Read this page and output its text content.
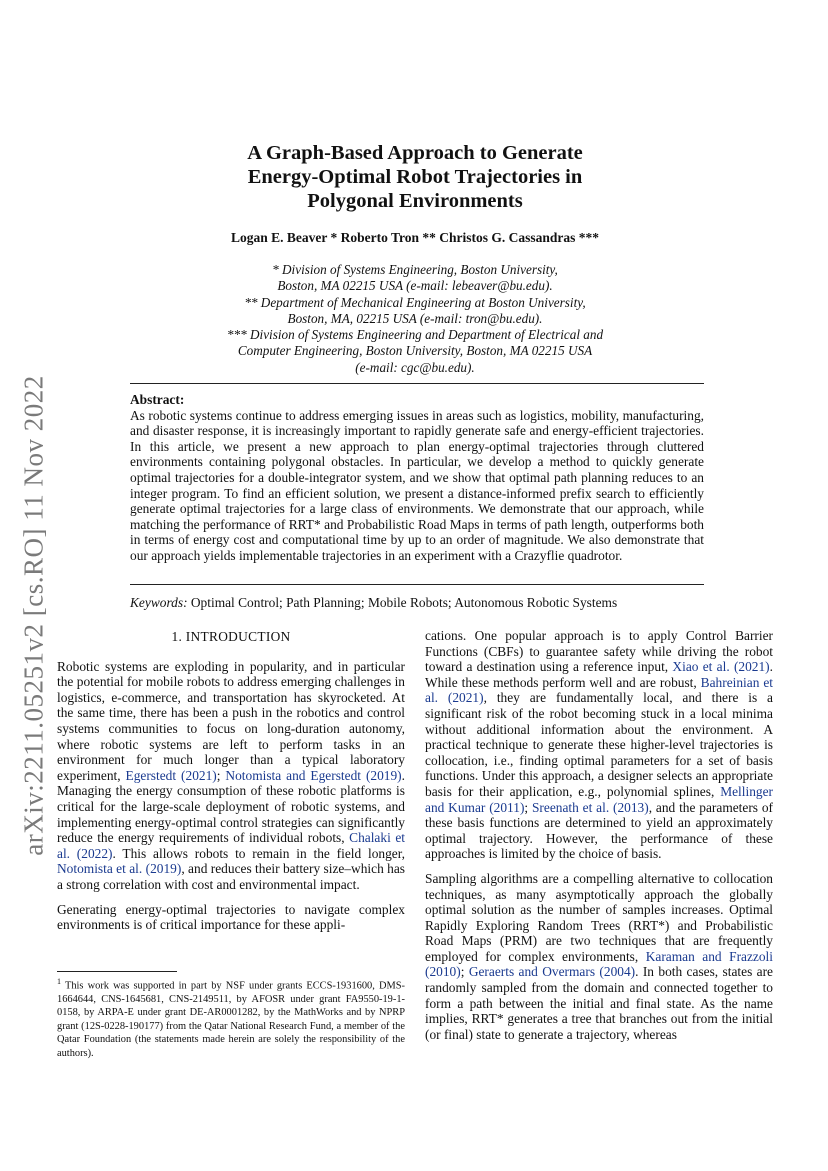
arXiv:2211.05251v2 [cs.RO] 11 Nov 2022
A Graph-Based Approach to Generate
Energy-Optimal Robot Trajectories in
Polygonal Environments
Logan E. Beaver * Roberto Tron ** Christos G. Cassandras ***
* Division of Systems Engineering, Boston University,
Boston, MA 02215 USA (e-mail: lebeaver@bu.edu).
** Department of Mechanical Engineering at Boston University,
Boston, MA, 02215 USA (e-mail: tron@bu.edu).
*** Division of Systems Engineering and Department of Electrical and
Computer Engineering, Boston University, Boston, MA 02215 USA
(e-mail: cgc@bu.edu).
Abstract:
As robotic systems continue to address emerging issues in areas such as logistics, mobility, manufacturing, and disaster response, it is increasingly important to rapidly generate safe and energy-efficient trajectories. In this article, we present a new approach to plan energy-optimal trajectories through cluttered environments containing polygonal obstacles. In particular, we develop a method to quickly generate optimal trajectories for a double-integrator system, and we show that optimal path planning reduces to an integer program. To find an efficient solution, we present a distance-informed prefix search to efficiently generate optimal trajectories for a large class of environments. We demonstrate that our approach, while matching the performance of RRT* and Probabilistic Road Maps in terms of path length, outperforms both in terms of energy cost and computational time by up to an order of magnitude. We also demonstrate that our approach yields implementable trajectories in an experiment with a Crazyflie quadrotor.
Keywords: Optimal Control; Path Planning; Mobile Robots; Autonomous Robotic Systems
1. INTRODUCTION

Robotic systems are exploding in popularity, and in particular the potential for mobile robots to address emerging challenges in logistics, e-commerce, and transportation has skyrocketed. At the same time, there has been a push in the robotics and control systems communities to focus on long-duration autonomy, where robotic systems are left to perform tasks in an environment for much longer than a typical laboratory experiment, Egerstedt (2021); Notomista and Egerstedt (2019). Managing the energy consumption of these robotic platforms is critical for the large-scale deployment of robotic systems, and implementing energy-optimal control strategies can significantly reduce the energy requirements of individual robots, Chalaki et al. (2022). This allows robots to remain in the field longer, Notomista et al. (2019), and reduces their battery size–which has a strong correlation with cost and environmental impact.

Generating energy-optimal trajectories to navigate complex environments is of critical importance for these appli-

cations. One popular approach is to apply Control Barrier Functions (CBFs) to guarantee safety while driving the robot toward a destination using a reference input, Xiao et al. (2021). While these methods perform well and are robust, Bahreinian et al. (2021), they are fundamentally local, and there is a significant risk of the robot becoming stuck in a local minima without additional information about the environment. A practical technique to generate these higher-level trajectories is collocation, i.e., finding optimal parameters for a set of basis functions. Under this approach, a designer selects an appropriate basis for their application, e.g., polynomial splines, Mellinger and Kumar (2011); Sreenath et al. (2013), and the parameters of these basis functions are determined to yield an approximately optimal trajectory. However, the performance of these approaches is limited by the choice of basis.

Sampling algorithms are a compelling alternative to collocation techniques, as many asymptotically approach the globally optimal solution as the number of samples increases. Optimal Rapidly Exploring Random Trees (RRT*) and Probabilistic Road Maps (PRM) are two techniques that are frequently employed for complex environments, Karaman and Frazzoli (2010); Geraerts and Overmars (2004). In both cases, states are randomly sampled from the domain and connected together to form a path between the initial and final state. As the name implies, RRT* generates a tree that branches out from the initial (or final) state to generate a trajectory, whereas

$^1$ This work was supported in part by NSF under grants ECCS-1931600, DMS-1664644, CNS-1645681, CNS-2149511, by AFOSR under grant FA9550-19-1-0158, by ARPA-E under grant DE-AR0001282, by the MathWorks and by NPRP grant (12S-0228-190177) from the Qatar National Research Fund, a member of the Qatar Foundation (the statements made herein are solely the responsibility of the authors).
